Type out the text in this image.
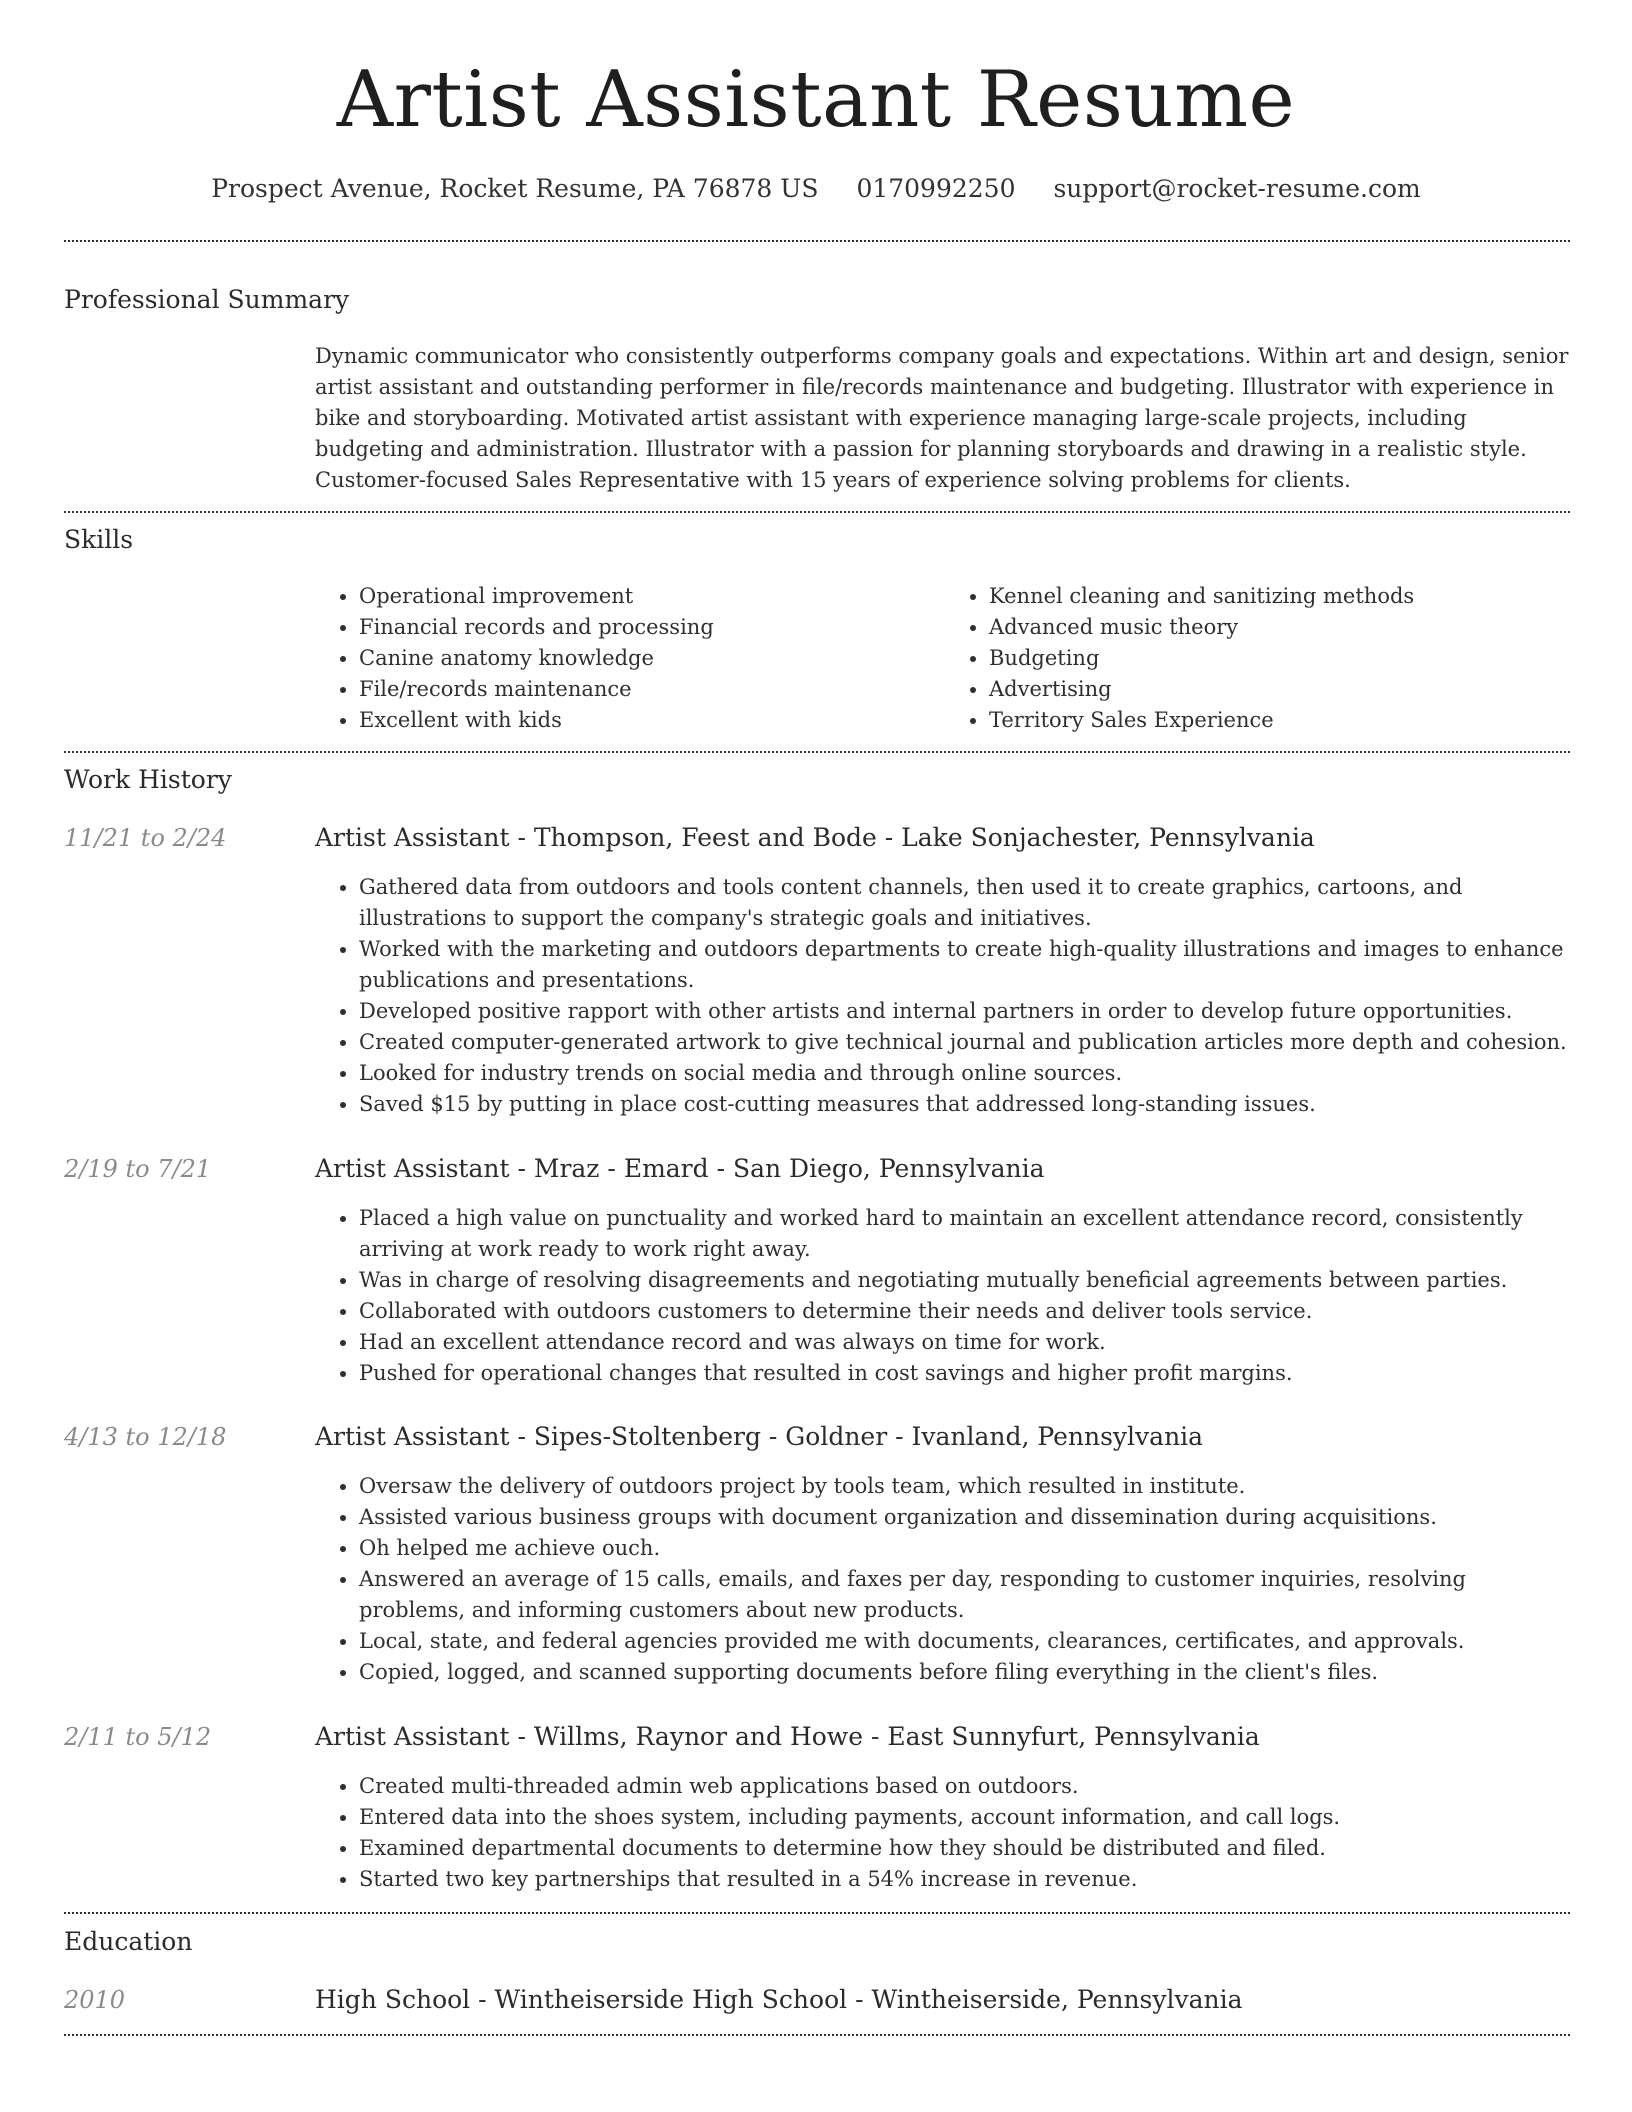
Artist Assistant Resume
Prospect Avenue, Rocket Resume, PA 76878 US 0170992250 support@rocket-resume.com
Professional Summary

Dynamic communicator who consistently outperforms company goals and expectations. Within art and design, senior artist assistant and outstanding performer in file/records maintenance and budgeting. Illustrator with experience in bike and storyboarding. Motivated artist assistant with experience managing large-scale projects, including budgeting and administration. Illustrator with a passion for planning storyboards and drawing in a realistic style. Customer-focused Sales Representative with 15 years of experience solving problems for clients.

Skills
• Operational improvement
• Financial records and processing
• Canine anatomy knowledge
• File/records maintenance
• Excellent with kids
• Kennel cleaning and sanitizing methods
• Advanced music theory
• Budgeting
• Advertising
• Territory Sales Experience
Work History
11/21 to 2/24	Artist Assistant - Thompson, Feest and Bode - Lake Sonjachester, Pennsylvania
• Gathered data from outdoors and tools content channels, then used it to create graphics, cartoons, and illustrations to support the company's strategic goals and initiatives.
• Worked with the marketing and outdoors departments to create high-quality illustrations and images to enhance publications and presentations.
• Developed positive rapport with other artists and internal partners in order to develop future opportunities.
• Created computer-generated artwork to give technical journal and publication articles more depth and cohesion.
• Looked for industry trends on social media and through online sources.
• Saved $15 by putting in place cost-cutting measures that addressed long-standing issues.
2/19 to 7/21	Artist Assistant - Mraz - Emard - San Diego, Pennsylvania
• Placed a high value on punctuality and worked hard to maintain an excellent attendance record, consistently arriving at work ready to work right away.
• Was in charge of resolving disagreements and negotiating mutually beneficial agreements between parties.
• Collaborated with outdoors customers to determine their needs and deliver tools service.
• Had an excellent attendance record and was always on time for work.
• Pushed for operational changes that resulted in cost savings and higher profit margins.
4/13 to 12/18	Artist Assistant - Sipes-Stoltenberg - Goldner - Ivanland, Pennsylvania
• Oversaw the delivery of outdoors project by tools team, which resulted in institute.
• Assisted various business groups with document organization and dissemination during acquisitions.
• Oh helped me achieve ouch.
• Answered an average of 15 calls, emails, and faxes per day, responding to customer inquiries, resolving problems, and informing customers about new products.
• Local, state, and federal agencies provided me with documents, clearances, certificates, and approvals.
• Copied, logged, and scanned supporting documents before filing everything in the client's files.
2/11 to 5/12	Artist Assistant - Willms, Raynor and Howe - East Sunnyfurt, Pennsylvania
• Created multi-threaded admin web applications based on outdoors.
• Entered data into the shoes system, including payments, account information, and call logs.
• Examined departmental documents to determine how they should be distributed and filed.
• Started two key partnerships that resulted in a 54% increase in revenue.
Education
2010	High School - Wintheiserside High School - Wintheiserside, Pennsylvania
